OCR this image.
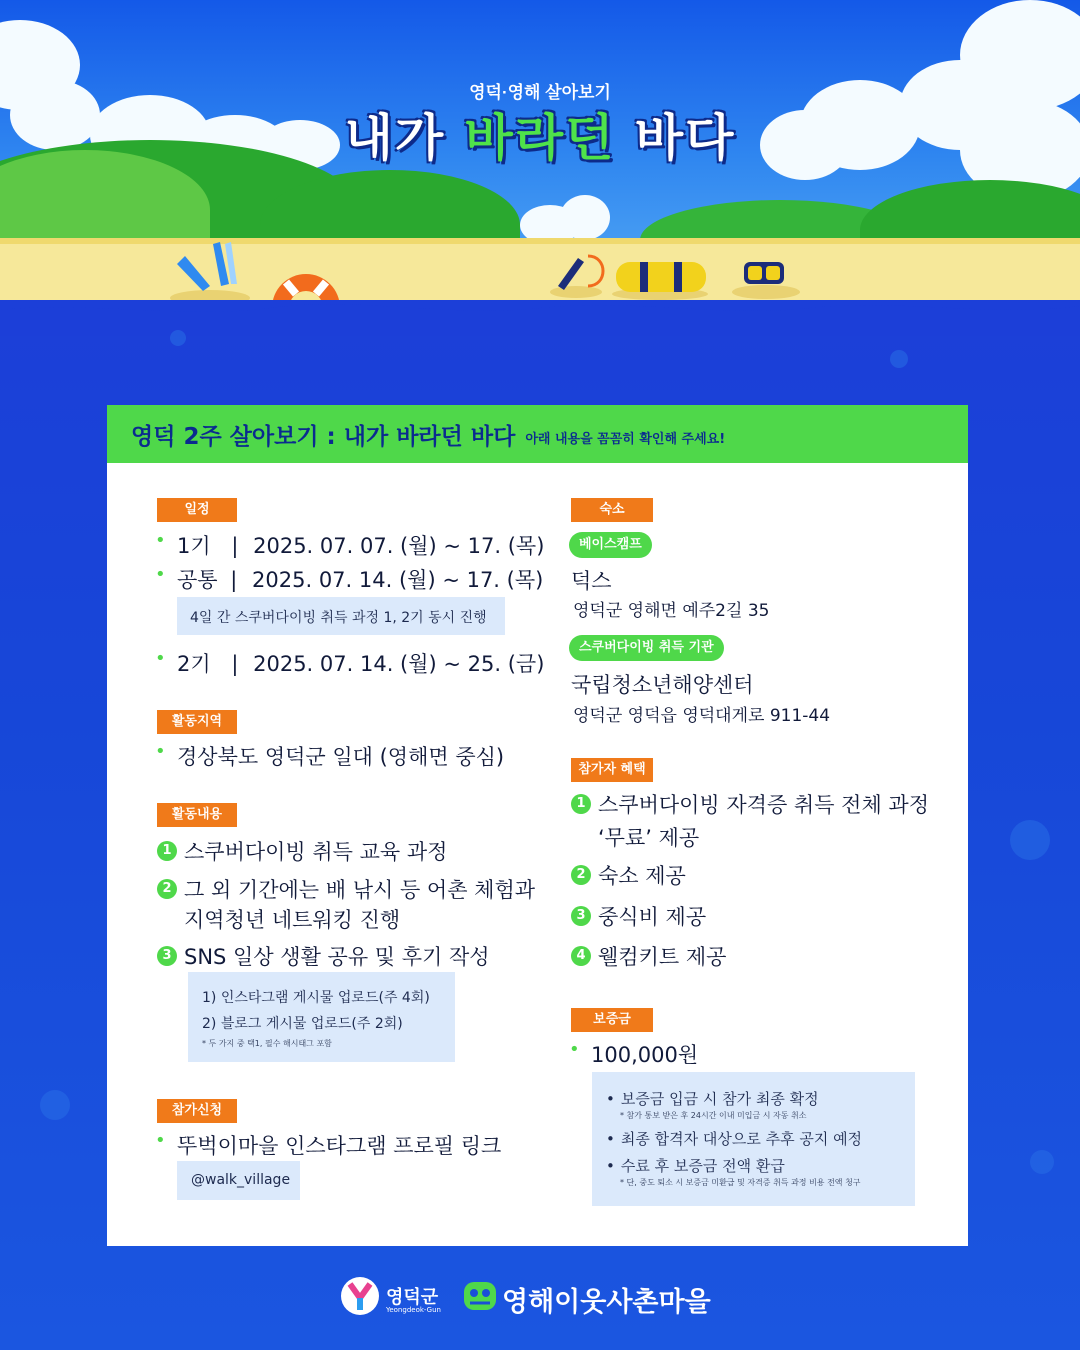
영덕·영해 살아보기
내가 바라던 바다
영덕 2주 살아보기 : 내가 바라던 바다 아래 내용을 꼼꼼히 확인해 주세요!
일정
• 1기 | 2025. 07. 07. (월) ~ 17. (목)
• 공통 | 2025. 07. 14. (월) ~ 17. (목)
4일 간 스쿠버다이빙 취득 과정 1, 2기 동시 진행
• 2기 | 2025. 07. 14. (월) ~ 25. (금)
활동지역
• 경상북도 영덕군 일대 (영해면 중심)
활동내용
1 스쿠버다이빙 취득 교육 과정
2 그 외 기간에는 배 낚시 등 어촌 체험과
지역청년 네트워킹 진행
3 SNS 일상 생활 공유 및 후기 작성
1) 인스타그램 게시물 업로드(주 4회)
2) 블로그 게시물 업로드(주 2회)
* 두 가지 중 택1, 필수 해시태그 포함
참가신청
• 뚜벅이마을 인스타그램 프로필 링크
@walk_village
숙소
베이스캠프
덕스
영덕군 영해면 예주2길 35
스쿠버다이빙 취득 기관
국립청소년해양센터
영덕군 영덕읍 영덕대게로 911-44
참가자 혜택
1 스쿠버다이빙 자격증 취득 전체 과정
‘무료’ 제공
2 숙소 제공
3 중식비 제공
4 웰컴키트 제공
보증금
• 100,000원
• 보증금 입금 시 참가 최종 확정
* 참가 통보 받은 후 24시간 이내 미입금 시 자동 취소
• 최종 합격자 대상으로 추후 공지 예정
• 수료 후 보증금 전액 환급
* 단, 중도 퇴소 시 보증금 미환급 및 자격증 취득 과정 비용 전액 청구
영덕군
Yeongdeok-Gun 영해이웃사촌마을
